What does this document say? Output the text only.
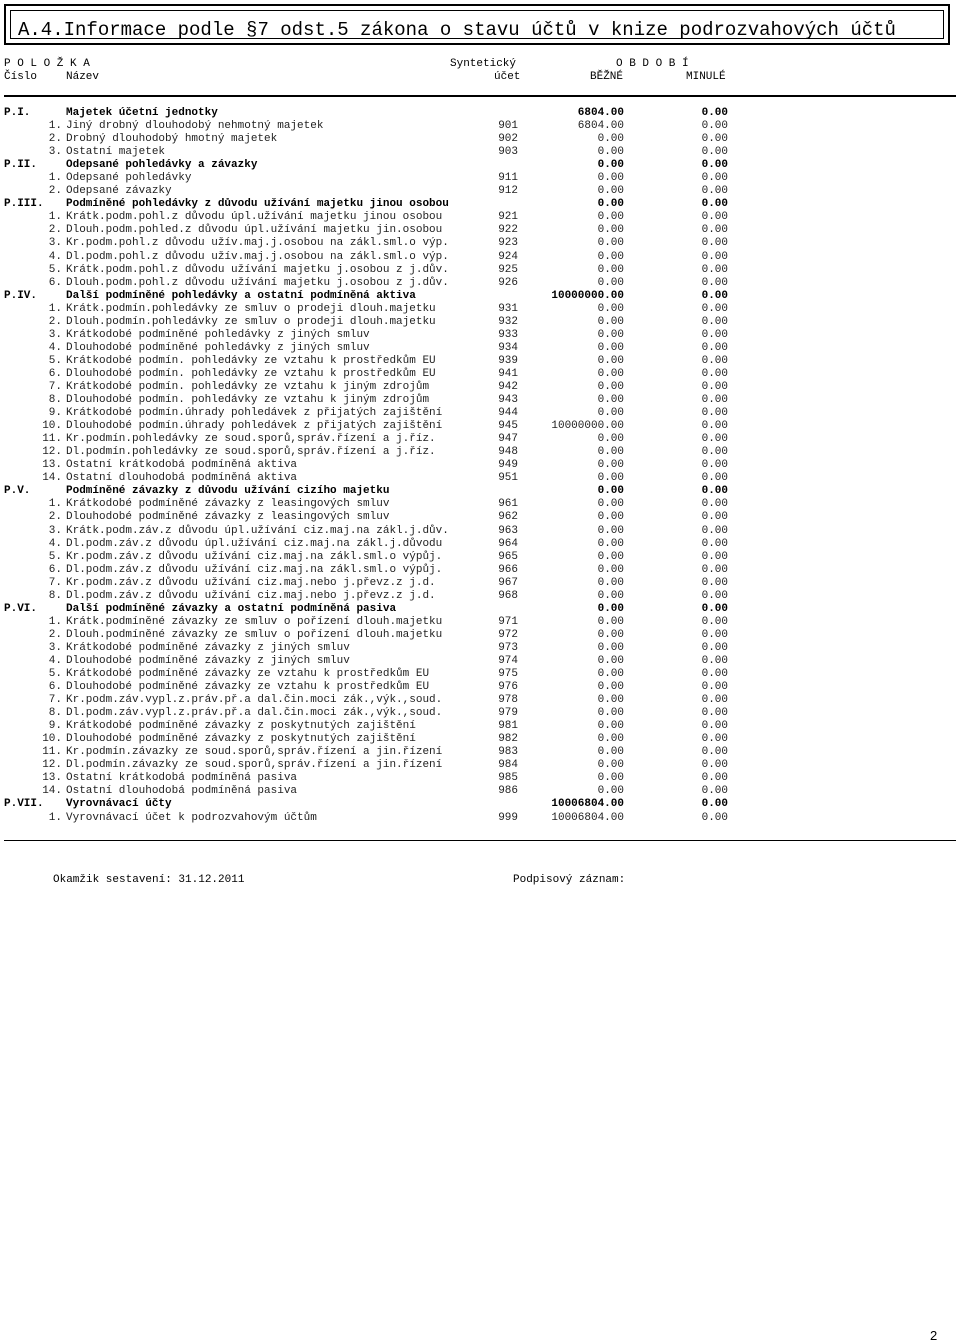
A.4.Informace podle §7 odst.5 zákona o stavu účtů v knize podrozvahových účtů
P O L O Ž K A
Číslo	Název
Syntetický
účet
O B D O B Í
BĚŽNÉ	MINULÉ
P.I.	Majetek účetní jednotky	6804.00	0.00
1. Jiný drobný dlouhodobý nehmotný majetek	901	6804.00	0.00
2. Drobný dlouhodobý hmotný majetek	902	0.00	0.00
3. Ostatní majetek	903	0.00	0.00
P.II.	Odepsané pohledávky a závazky	0.00	0.00
1. Odepsané pohledávky	911	0.00	0.00
2. Odepsané závazky	912	0.00	0.00
P.III. Podmíněné pohledávky z důvodu užívání majetku jinou osobou	0.00	0.00
1. Krátk.podm.pohl.z důvodu úpl.užívání majetku jinou osobou	921	0.00	0.00
2. Dlouh.podm.pohled.z důvodu úpl.užívání majetku jin.osobou	922	0.00	0.00
3. Kr.podm.pohl.z důvodu užív.maj.j.osobou na zákl.sml.o výp.	923	0.00	0.00
4. Dl.podm.pohl.z důvodu užív.maj.j.osobou na zákl.sml.o výp.	924	0.00	0.00
5. Krátk.podm.pohl.z důvodu užívání majetku j.osobou z j.dův.	925	0.00	0.00
6. Dlouh.podm.pohl.z důvodu užívání majetku j.osobou z j.dův.	926	0.00	0.00
P.IV.	Další podmíněné pohledávky a ostatní podmíněná aktiva	10000000.00	0.00
1. Krátk.podmín.pohledávky ze smluv o prodeji dlouh.majetku	931	0.00	0.00
2. Dlouh.podmín.pohledávky ze smluv o prodeji dlouh.majetku	932	0.00	0.00
3. Krátkodobé podmíněné pohledávky z jiných smluv	933	0.00	0.00
4. Dlouhodobé podmíněné pohledávky z jiných smluv	934	0.00	0.00
5. Krátkodobé podmín. pohledávky ze vztahu k prostředkům EU	939	0.00	0.00
6. Dlouhodobé podmín. pohledávky ze vztahu k prostředkům EU	941	0.00	0.00
7. Krátkodobé podmín. pohledávky ze vztahu k jiným zdrojům	942	0.00	0.00
8. Dlouhodobé podmín. pohledávky ze vztahu k jiným zdrojům	943	0.00	0.00
9. Krátkodobé podmín.úhrady pohledávek z přijatých zajištění	944	0.00	0.00
10. Dlouhodobé podmín.úhrady pohledávek z přijatých zajištění	945	10000000.00	0.00
11. Kr.podmín.pohledávky ze soud.sporů,správ.řízení a j.říz.	947	0.00	0.00
12. Dl.podmín.pohledávky ze soud.sporů,správ.řízení a j.říz.	948	0.00	0.00
13. Ostatní krátkodobá podmíněná aktiva	949	0.00	0.00
14. Ostatní dlouhodobá podmíněná aktiva	951	0.00	0.00
P.V.	Podmíněné závazky z důvodu užívání cizího majetku	0.00	0.00
1. Krátkodobé podmíněné závazky z leasingových smluv	961	0.00	0.00
2. Dlouhodobé podmíněné závazky z leasingových smluv	962	0.00	0.00
3. Krátk.podm.záv.z důvodu úpl.užívání ciz.maj.na zákl.j.dův.	963	0.00	0.00
4. Dl.podm.záv.z důvodu úpl.užívání ciz.maj.na zákl.j.důvodu	964	0.00	0.00
5. Kr.podm.záv.z důvodu užívání ciz.maj.na zákl.sml.o výpůj.	965	0.00	0.00
6. Dl.podm.záv.z důvodu užívání ciz.maj.na zákl.sml.o výpůj.	966	0.00	0.00
7. Kr.podm.záv.z důvodu užívání ciz.maj.nebo j.převz.z j.d.	967	0.00	0.00
8. Dl.podm.záv.z důvodu užívání ciz.maj.nebo j.převz.z j.d.	968	0.00	0.00
P.VI.	Další podmíněné závazky a ostatní podmíněná pasiva	0.00	0.00
1. Krátk.podmíněné závazky ze smluv o pořízení dlouh.majetku	971	0.00	0.00
2. Dlouh.podmíněné závazky ze smluv o pořízení dlouh.majetku	972	0.00	0.00
3. Krátkodobé podmíněné závazky z jiných smluv	973	0.00	0.00
4. Dlouhodobé podmíněné závazky z jiných smluv	974	0.00	0.00
5. Krátkodobé podmíněné závazky ze vztahu k prostředkům EU	975	0.00	0.00
6. Dlouhodobé podmíněné závazky ze vztahu k prostředkům EU	976	0.00	0.00
7. Kr.podm.záv.vypl.z.práv.př.a dal.čin.moci zák.,výk.,soud.	978	0.00	0.00
8. Dl.podm.záv.vypl.z.práv.př.a dal.čin.moci zák.,výk.,soud.	979	0.00	0.00
9. Krátkodobé podmíněné závazky z poskytnutých zajištění	981	0.00	0.00
10. Dlouhodobé podmíněné závazky z poskytnutých zajištění	982	0.00	0.00
11. Kr.podmín.závazky ze soud.sporů,správ.řízení a jin.řízení	983	0.00	0.00
12. Dl.podmín.závazky ze soud.sporů,správ.řízení a jin.řízení	984	0.00	0.00
13. Ostatní krátkodobá podmíněná pasiva	985	0.00	0.00
14. Ostatní dlouhodobá podmíněná pasiva	986	0.00	0.00
P.VII. Vyrovnávací účty	10006804.00	0.00
1. Vyrovnávací účet k podrozvahovým účtům	999	10006804.00	0.00
Okamžik sestavení: 31.12.2011	Podpisový záznam:
2
